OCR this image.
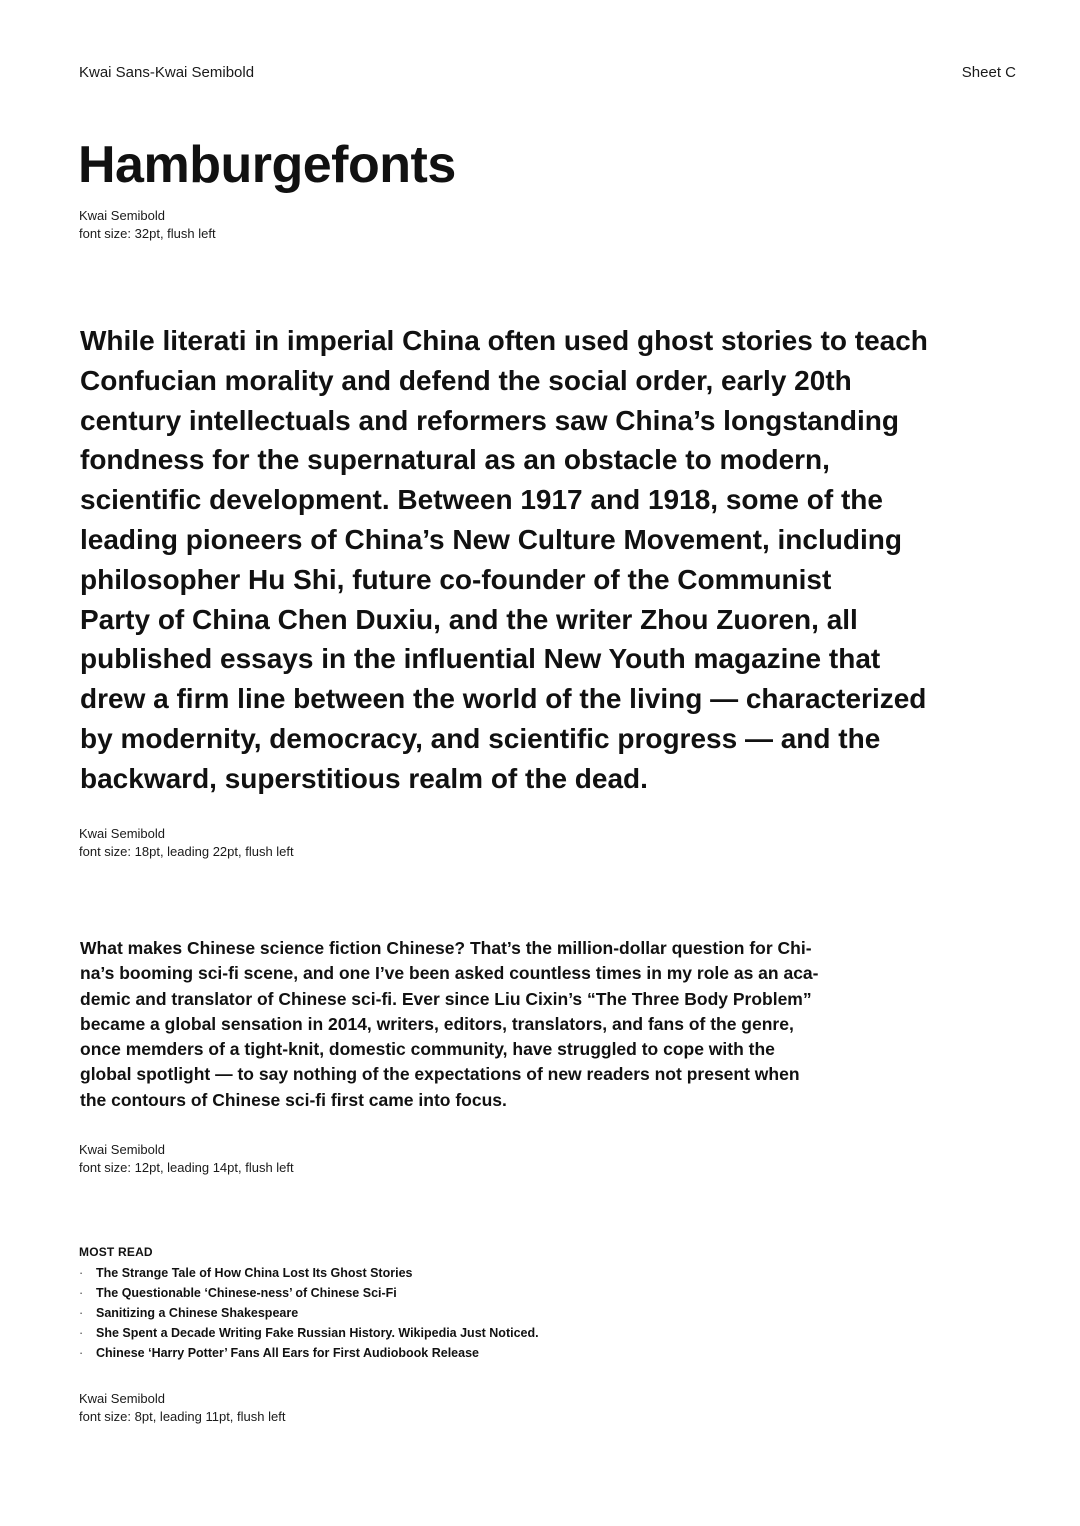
Kwai Sans-Kwai Semibold	Sheet C
Hamburgefonts
Kwai Semibold
font size: 32pt, flush left
While literati in imperial China often used ghost stories to teach
Confucian morality and defend the social order, early 20th
century intellectuals and reformers saw China’s longstanding
fondness for the supernatural as an obstacle to modern,
scientific development. Between 1917 and 1918, some of the
leading pioneers of China’s New Culture Movement, including
philosopher Hu Shi, future co-founder of the Communist
Party of China Chen Duxiu, and the writer Zhou Zuoren, all
published essays in the influential New Youth magazine that
drew a firm line between the world of the living — characterized
by modernity, democracy, and scientific progress — and the
backward, superstitious realm of the dead.
Kwai Semibold
font size: 18pt, leading 22pt, flush left
What makes Chinese science fiction Chinese? That’s the million-dollar question for Chi-
na’s booming sci-fi scene, and one I’ve been asked countless times in my role as an aca-
demic and translator of Chinese sci-fi. Ever since Liu Cixin’s “The Three Body Problem”
became a global sensation in 2014, writers, editors, translators, and fans of the genre,
once memders of a tight-knit, domestic community, have struggled to cope with the
global spotlight — to say nothing of the expectations of new readers not present when
the contours of Chinese sci-fi first came into focus.
Kwai Semibold
font size: 12pt, leading 14pt, flush left
MOST READ
· The Strange Tale of How China Lost Its Ghost Stories
· The Questionable ‘Chinese-ness’ of Chinese Sci-Fi
· Sanitizing a Chinese Shakespeare
· She Spent a Decade Writing Fake Russian History. Wikipedia Just Noticed.
· Chinese ‘Harry Potter’ Fans All Ears for First Audiobook Release
Kwai Semibold
font size: 8pt, leading 11pt, flush left
